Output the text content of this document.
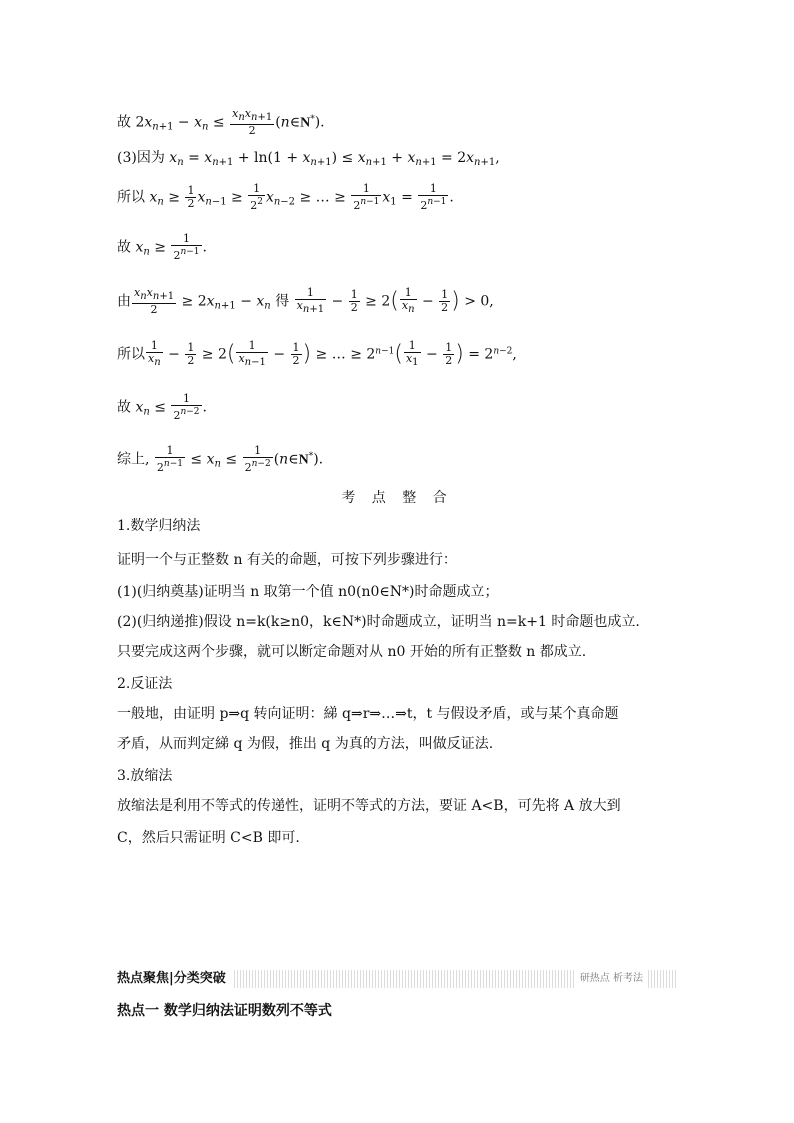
故 $2x_{n+1} - x_n \le \frac{x_nx_{n+1}}{2}$ (n∈N*).
(3)因为 $x_n = x_{n+1} + \ln(1 + x_{n+1}) \le x_{n+1} + x_{n+1} = 2x_{n+1}$,
所以 $x_n \ge \frac{1}{2} x_{n-1} \ge \frac{1}{2^2} x_{n-2}$ ≥ … ≥ $\frac{1}{2^{n-1}} x_1 = \frac{1}{2^{n-1}}$ .
故 $x_n \ge \frac{1}{2^{n-1}}$ .
由 $\frac{x_nx_{n+1}}{2} \ge 2x_{n+1} - x_n$ 得 $\frac{1}{x_{n+1}} - \frac{1}{2} \ge 2( \frac{1}{x_n} - \frac{1}{2}$ ) > 0,
所以 $\frac{1}{x_n} - \frac{1}{2} \ge 2( \frac{1}{x_{n-1}} - \frac{1}{2}$ ) ≥ … ≥ $2^{n-1}( \frac{1}{x_1} - \frac{1}{2}$ ) = $2^{n-2}$,
故 $x_n \le \frac{1}{2^{n-2}}$ .
综上, $\frac{1}{2^{n-1}} \le x_n \le \frac{1}{2^{n-2}}$ (n∈N*).
考 点 整 合
1.数学归纳法
证明一个与正整数 n 有关的命题，可按下列步骤进行：
(1)(归纳奠基)证明当 n 取第一个值 n0(n0∈N*)时命题成立；
(2)(归纳递推)假设 n=k(k≥n0，k∈N*)时命题成立，证明当 n=k+1 时命题也成立.
只要完成这两个步骤，就可以断定命题对从 n0 开始的所有正整数 n 都成立.
2.反证法
一般地，由证明 p⇒q 转向证明：綈 q⇒r⇒…⇒t，t 与假设矛盾，或与某个真命题
矛盾，从而判定綈 q 为假，推出 q 为真的方法，叫做反证法.
3.放缩法
放缩法是利用不等式的传递性，证明不等式的方法，要证 A<B，可先将 A 放大到
C，然后只需证明 C<B 即可.
热点聚焦|分类突破	研热点 析考法
热点一 数学归纳法证明数列不等式
